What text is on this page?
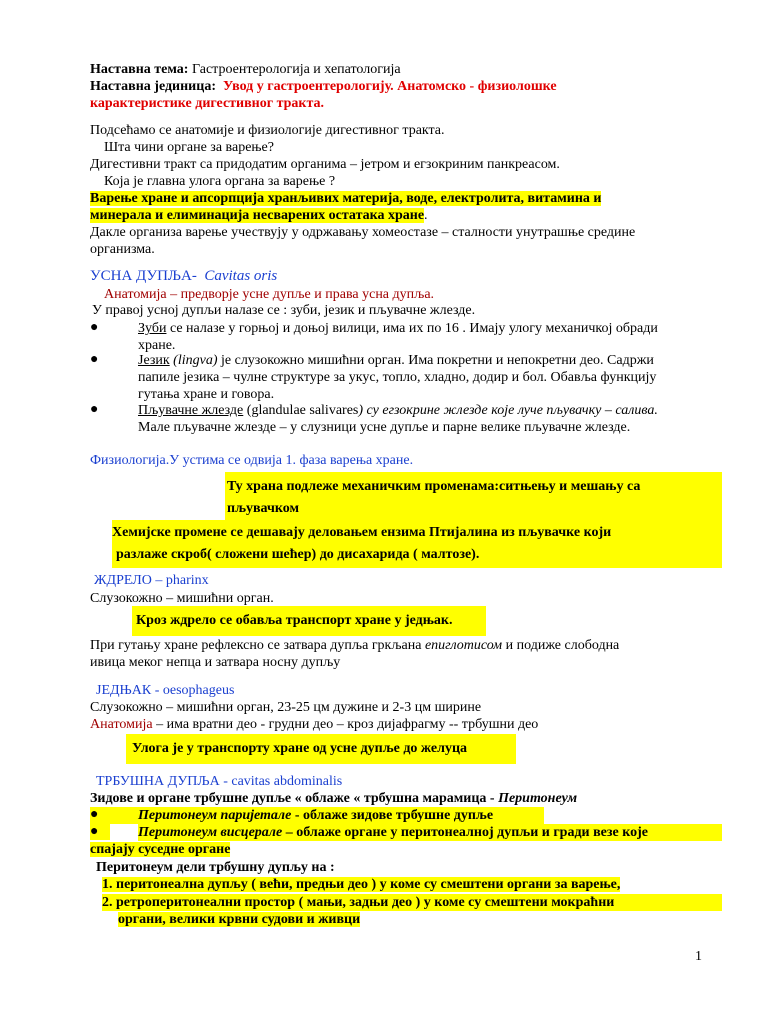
Наставна тема: Гастроентерологија и хепатологија

Наставна јединица: Увод у гастроентерологију. Анатомско - физиолошке

карактеристике дигестивног тракта.

Подсећамо се анатомије и физиологије дигестивног тракта.

Шта чини органе за варење?

Дигестивни тракт са придодатим органима – јетром и егзокриним панкреасом.

Која је главна улога органа за варење ?

Варење хране и апсорпција хранљивих материја, воде, електролита, витамина и

минерала и елиминација несварених остатака хране.

Дакле организа варење учествују у одржавању хомеостазе – сталности унутрашње средине

организма.

УСНА ДУПЉА- Cavitas oris

Анатомија – предворје усне дупље и права усна дупља.

У правој усној дупљи налазе се : зуби, језик и пљувачне жлезде.

●	Зуби се налазе у горњој и доњој вилици, има их по 16 . Имају улогу механичкој обради

хране.

●	Језик (lingva) је слузокожно мишићни орган. Има покретни и непокретни део. Садржи

папиле језика – чулне структуре за укус, топло, хладно, додир и бол. Обавља функцију

гутања хране и говора.

●	Пљувачне жлезде (glandulae salivares) су егзокрине жлезде које луче пљувачку – салива.

Мале пљувачне жлезде – у слузници усне дупље и парне велике пљувачне жлезде.

Физиологија.У устима се одвија 1. фаза варења хране.

Ту храна подлеже механичким променама:ситњењу и мешању са
пљувачком
Хемијске промене се дешавају деловањем ензима Птијалина из пљувачке који
разлаже скроб( сложени шећер) до дисахарида ( малтозе).

ЖДРЕЛО – pharinx

Слузокожно – мишићни орган.

Кроз ждрело се обавља транспорт хране у једњак.

При гутању хране рефлексно се затвара дупља гркљана епиглотисом и подиже слободна

ивица меког непца и затвара носну дупљу

ЈЕДЊАК - oesophageus

Слузокожно – мишићни орган, 23-25 цм дужине и 2-3 цм ширине

Анатомија – има вратни део - грудни део – кроз дијафрагму -- трбушни део

Улога је у транспорту хране од усне дупље до желуца

ТРБУШНА ДУПЉА - cavitas abdominalis

Зидове и органе трбушне дупље « облаже « трбушна марамица - Перитонеум

●	Перитонеум паријетале - облаже зидове трбушне дупље

●	Перитонеум висцерале – облаже органе у перитонеалној дупљи и гради везе које

спајају суседне органе

Перитонеум дели трбушну дупљу на :

1. перитонеална дупљу ( већи, предњи део ) у коме су смештени органи за варење,

2. ретроперитонеални простор ( мањи, задњи део ) у коме су смештени мокраћни

органи, велики крвни судови и живци

1
